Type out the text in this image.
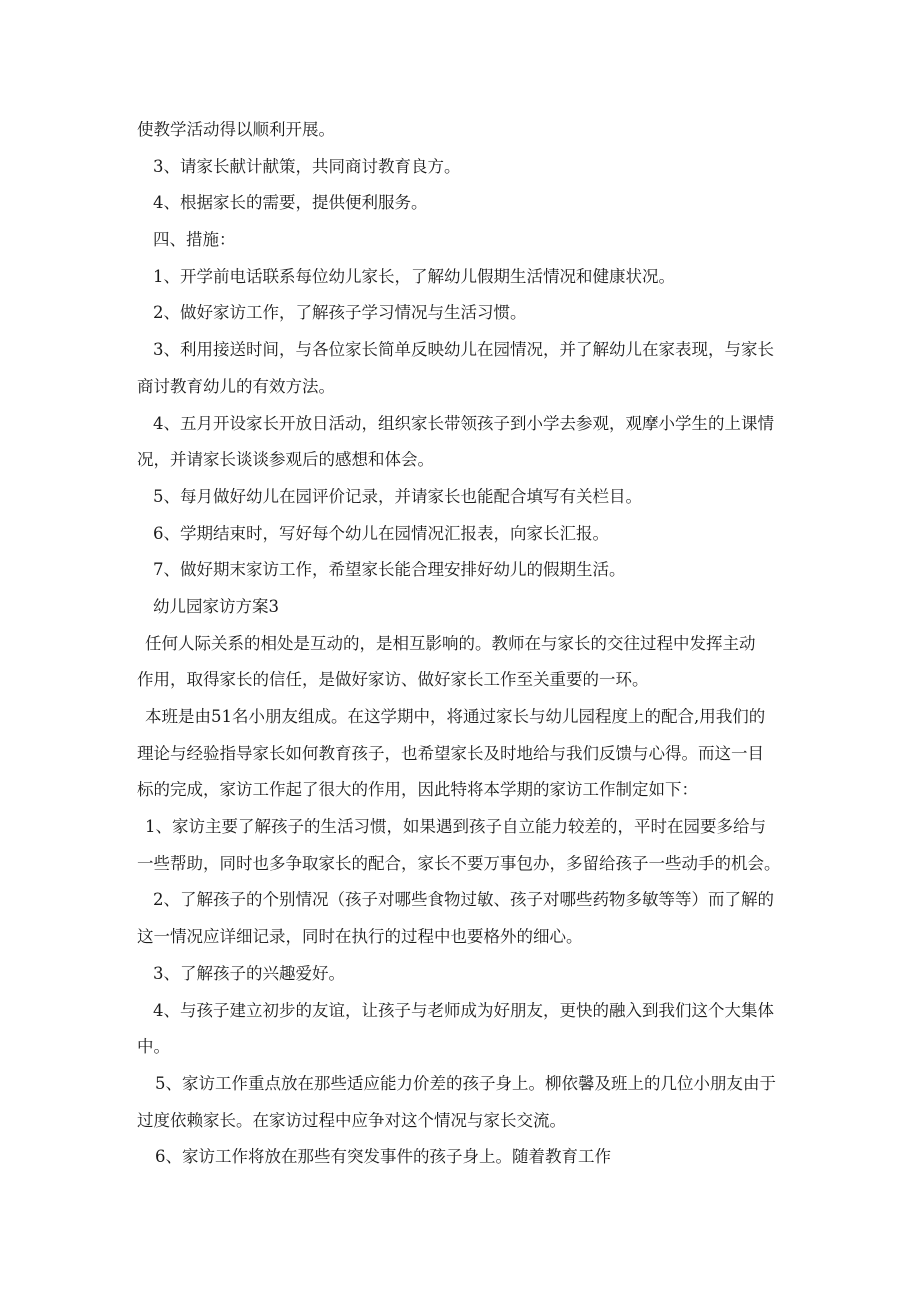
使教学活动得以顺利开展。
3、请家长献计献策，共同商讨教育良方。
4、根据家长的需要，提供便利服务。
四、措施：
1、开学前电话联系每位幼儿家长，了解幼儿假期生活情况和健康状况。
2、做好家访工作，了解孩子学习情况与生活习惯。
3、利用接送时间，与各位家长简单反映幼儿在园情况，并了解幼儿在家表现，与家长
商讨教育幼儿的有效方法。
4、五月开设家长开放日活动，组织家长带领孩子到小学去参观，观摩小学生的上课情
况，并请家长谈谈参观后的感想和体会。
5、每月做好幼儿在园评价记录，并请家长也能配合填写有关栏目。
6、学期结束时，写好每个幼儿在园情况汇报表，向家长汇报。
7、做好期末家访工作，希望家长能合理安排好幼儿的假期生活。
幼儿园家访方案3
任何人际关系的相处是互动的，是相互影响的。教师在与家长的交往过程中发挥主动
作用，取得家长的信任，是做好家访、做好家长工作至关重要的一环。
本班是由51名小朋友组成。在这学期中，将通过家长与幼儿园程度上的配合,用我们的
理论与经验指导家长如何教育孩子，也希望家长及时地给与我们反馈与心得。而这一目
标的完成，家访工作起了很大的作用，因此特将本学期的家访工作制定如下：
1、家访主要了解孩子的生活习惯，如果遇到孩子自立能力较差的，平时在园要多给与
一些帮助，同时也多争取家长的配合，家长不要万事包办，多留给孩子一些动手的机会。
2、了解孩子的个别情况（孩子对哪些食物过敏、孩子对哪些药物多敏等等）而了解的
这一情况应详细记录，同时在执行的过程中也要格外的细心。
3、了解孩子的兴趣爱好。
4、与孩子建立初步的友谊，让孩子与老师成为好朋友，更快的融入到我们这个大集体
中。
5、家访工作重点放在那些适应能力价差的孩子身上。柳依馨及班上的几位小朋友由于
过度依赖家长。在家访过程中应争对这个情况与家长交流。
6、家访工作将放在那些有突发事件的孩子身上。随着教育工作
